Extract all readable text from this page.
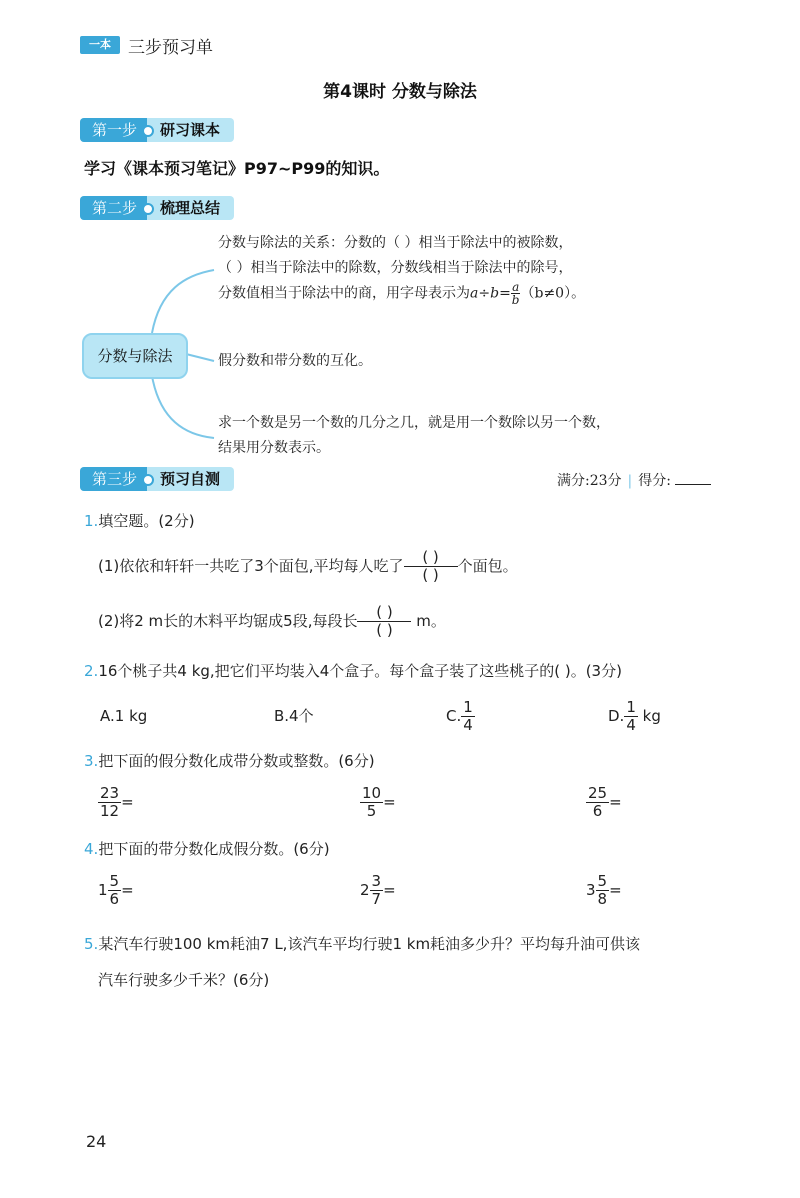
一本	三步预习单
第4课时 分数与除法
第一步 研习课本
学习《课本预习笔记》P97~P99的知识。
第二步 梳理总结
分数与除法
分数与除法的关系：分数的（ ）相当于除法中的被除数，
（ ）相当于除法中的除数，分数线相当于除法中的除号，
分数值相当于除法中的商，用字母表示为$a\div b= \frac{a}{b} (b\ne 0)$。
假分数和带分数的互化。
求一个数是另一个数的几分之几，就是用一个数除以另一个数，
结果用分数表示。
第三步 预习自测	满分:23分 | 得分:
1.填空题。(2分)
(1)依依和轩轩一共吃了3个面包,平均每人吃了 $\frac{( )}{( )}$ 个面包。
(2)将2 m长的木料平均锯成5段,每段长 $\frac{( )}{( )}$ m。
2.16个桃子共4 kg,把它们平均装入4个盒子。每个盒子装了这些桃子的( )。(3分)
A.1 kg	B.4个	C. $\frac{1}{4}$	D. $\frac{1}{4}$ kg
3.把下面的假分数化成带分数或整数。(6分)
$\frac{23}{12}$ =	$\frac{10}{5}$ =	$\frac{25}{6}$ =
4.把下面的带分数化成假分数。(6分)
$1 \frac{5}{6}$ =	$2 \frac{3}{7}$ =	$3 \frac{5}{8}$ =
5.某汽车行驶100 km耗油7 L,该汽车平均行驶1 km耗油多少升？平均每升油可供该
汽车行驶多少千米？(6分)
24
